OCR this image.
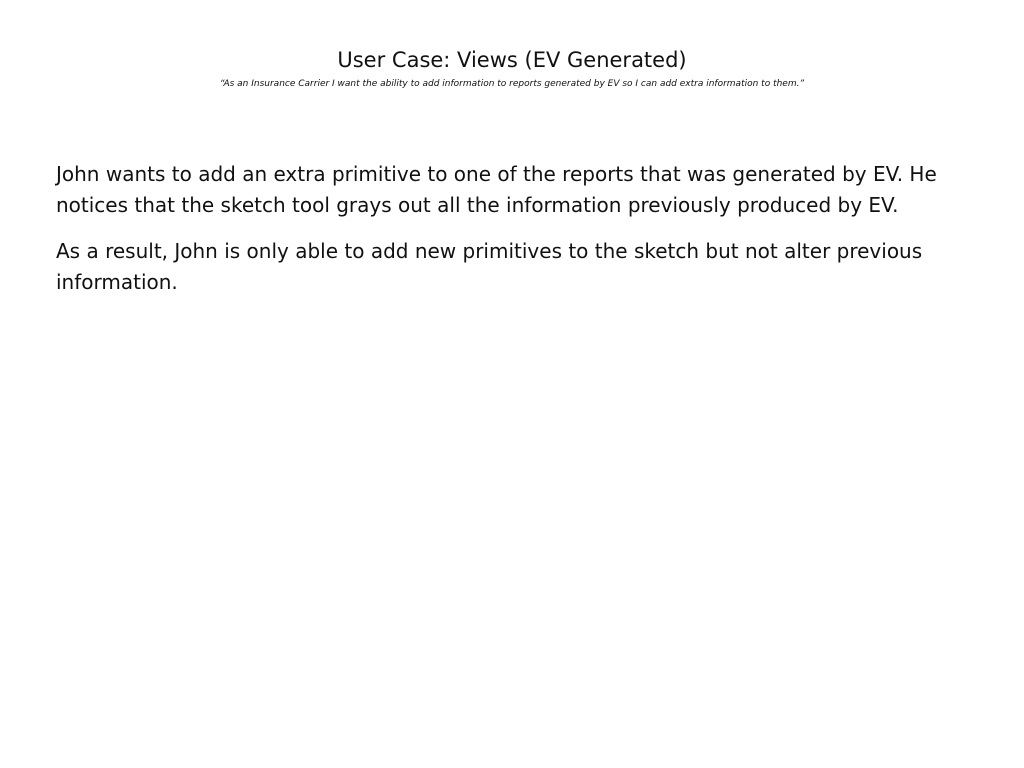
User Case: Views (EV Generated)

“As an Insurance Carrier I want the ability to add information to reports generated by EV so I can add extra information to them.”

John wants to add an extra primitive to one of the reports that was generated by EV. He notices that the sketch tool grays out all the information previously produced by EV.

As a result, John is only able to add new primitives to the sketch but not alter previous information.
